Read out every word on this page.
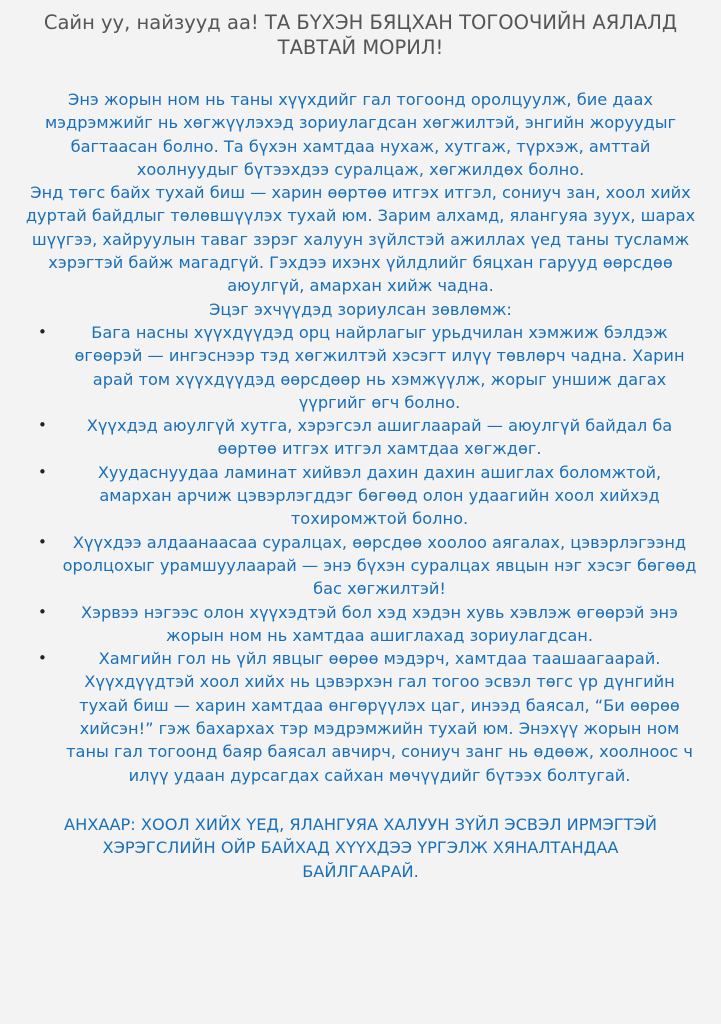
Сайн уу, найзууд аа! ТА БҮХЭН БЯЦХАН ТОГООЧИЙН АЯЛАЛД ТАВТАЙ МОРИЛ!

Энэ жорын ном нь таны хүүхдийг гал тогоонд оролцуулж, бие даах мэдрэмжийг нь хөгжүүлэхэд зориулагдсан хөгжилтэй, энгийн жоруудыг багтаасан болно. Та бүхэн хамтдаа нухаж, хутгаж, түрхэж, амттай хоолнуудыг бүтээхдээ суралцаж, хөгжилдөх болно.

Энд төгс байх тухай биш — харин өөртөө итгэх итгэл, сониуч зан, хоол хийх дуртай байдлыг төлөвшүүлэх тухай юм. Зарим алхамд, ялангуяа зуух, шарах шүүгээ, хайруулын таваг зэрэг халуун зүйлстэй ажиллах үед таны тусламж хэрэгтэй байж магадгүй. Гэхдээ ихэнх үйлдлийг бяцхан гарууд өөрсдөө аюулгүй, амархан хийж чадна.

Эцэг эхчүүдэд зориулсан зөвлөмж:

•	Бага насны хүүхдүүдэд орц найрлагыг урьдчилан хэмжиж бэлдэж өгөөрэй — ингэснээр тэд хөгжилтэй хэсэгт илүү төвлөрч чадна. Харин арай том хүүхдүүдэд өөрсдөөр нь хэмжүүлж, жорыг уншиж дагах үүргийг өгч болно.
• Хүүхдэд аюулгүй хутга, хэрэгсэл ашиглаарай — аюулгүй байдал ба өөртөө итгэх итгэл хамтдаа хөгждөг.
•	Хуудаснуудаа ламинат хийвэл дахин дахин ашиглах боломжтой, амархан арчиж цэвэрлэгддэг бөгөөд олон удаагийн хоол хийхэд тохиромжтой болно.
• Хүүхдээ алдаанаасаа суралцах, өөрсдөө хоолоо аягалах, цэвэрлэгээнд оролцохыг урамшуулаарай — энэ бүхэн суралцах явцын нэг хэсэг бөгөөд бас хөгжилтэй!
• Хэрвээ нэгээс олон хүүхэдтэй бол хэд хэдэн хувь хэвлэж өгөөрэй энэ жорын ном нь хамтдаа ашиглахад зориулагдсан.
•	Хамгийн гол нь үйл явцыг өөрөө мэдэрч, хамтдаа таашаагаарай. Хүүхдүүдтэй хоол хийх нь цэвэрхэн гал тогоо эсвэл төгс үр дүнгийн тухай биш — харин хамтдаа өнгөрүүлэх цаг, инээд баясал, “Би өөрөө хийсэн!” гэж бахархах тэр мэдрэмжийн тухай юм. Энэхүү жорын ном таны гал тогоонд баяр баясал авчирч, сониуч занг нь өдөөж, хоолноос ч илүү удаан дурсагдах сайхан мөчүүдийг бүтээх болтугай.

АНХААР: ХООЛ ХИЙХ ҮЕД, ЯЛАНГУЯА ХАЛУУН ЗҮЙЛ ЭСВЭЛ ИРМЭГТЭЙ ХЭРЭГСЛИЙН ОЙР БАЙХАД ХҮҮХДЭЭ ҮРГЭЛЖ ХЯНАЛТАНДАА БАЙЛГААРАЙ.
